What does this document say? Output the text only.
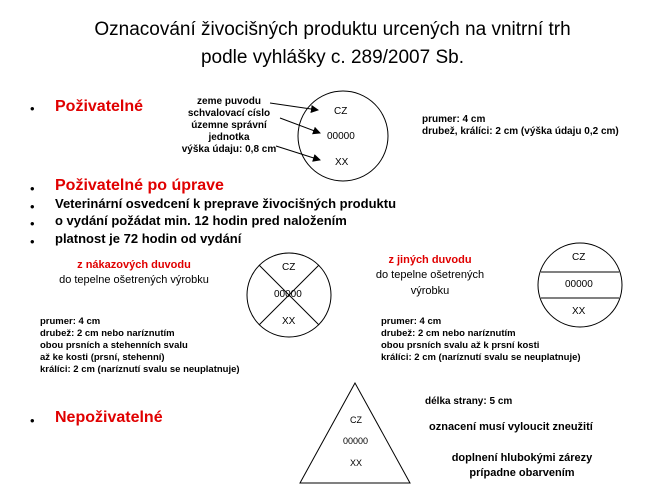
Oznacování živocišných produktu urcených na vnitrní trh
podle vyhlášky c. 289/2007 Sb.
• Poživatelné	zeme puvodu
schvalovací císlo
územne správní
jednotka
výška údaju: 0,8 cm
CZ
00000
XX
prumer: 4 cm
drubež, králíci: 2 cm (výška údaju 0,2 cm)
• Poživatelné po úprave
• Veterinární osvedcení k preprave živocišných produktu
• o vydání požádat min. 12 hodin pred naložením
• platnost je 72 hodin od vydání
z nákazových duvodu
do tepelne ošetrených výrobku
CZ
00000
XX
prumer: 4 cm
drubež: 2 cm nebo naríznutím
obou prsních a stehenních svalu
až ke kosti (prsní, stehenní)
králíci: 2 cm (naríznutí svalu se neuplatnuje)
z jiných duvodu
do tepelne ošetrených
výrobku
CZ
00000
XX
prumer: 4 cm
drubež: 2 cm nebo naríznutím
obou prsních svalu až k prsní kosti
králíci: 2 cm (naríznutí svalu se neuplatnuje)
• Nepoživatelné
délka strany: 5 cm
CZ
00000
XX
oznacení musí vyloucit zneužití
doplnení hlubokými zárezy
prípadne obarvením
